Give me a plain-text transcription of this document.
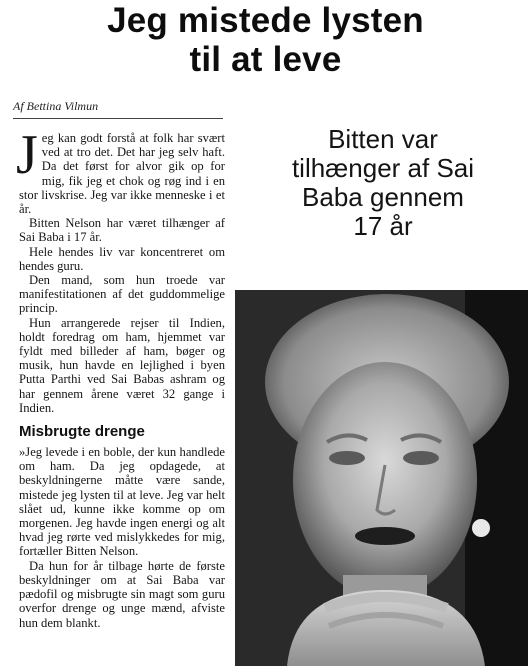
Jeg mistede lysten
til at leve
Af Bettina Vilmun

Jeg kan godt forstå at folk har svært ved at tro det. Det har jeg selv haft. Da det først for alvor gik op for mig, fik jeg et chok og røg ind i en stor livskrise. Jeg var ikke menneske i et år.

Bitten Nelson har været tilhænger af Sai Baba i 17 år.

Hele hendes liv var koncentreret om hendes guru.

Den mand, som hun troede var manifestitationen af det guddommelige princip.

Hun arrangerede rejser til Indien, holdt foredrag om ham, hjemmet var fyldt med billeder af ham, bøger og musik, hun havde en lejlighed i byen Putta Parthi ved Sai Babas ashram og har gennem årene været 32 gange i Indien.

Misbrugte drenge

»Jeg levede i en boble, der kun handlede om ham. Da jeg opdagede, at beskyldningerne måtte være sande, mistede jeg lysten til at leve. Jeg var helt slået ud, kunne ikke komme op om morgenen. Jeg havde ingen energi og alt hvad jeg rørte ved mislykkedes for mig, fortæller Bitten Nelson.

Da hun for år tilbage hørte de første beskyldninger om at Sai Baba var pædofil og misbrugte sin magt som guru overfor drenge og unge mænd, afviste hun dem blankt.

Bitten var
tilhænger af Sai
Baba gennem
17 år
